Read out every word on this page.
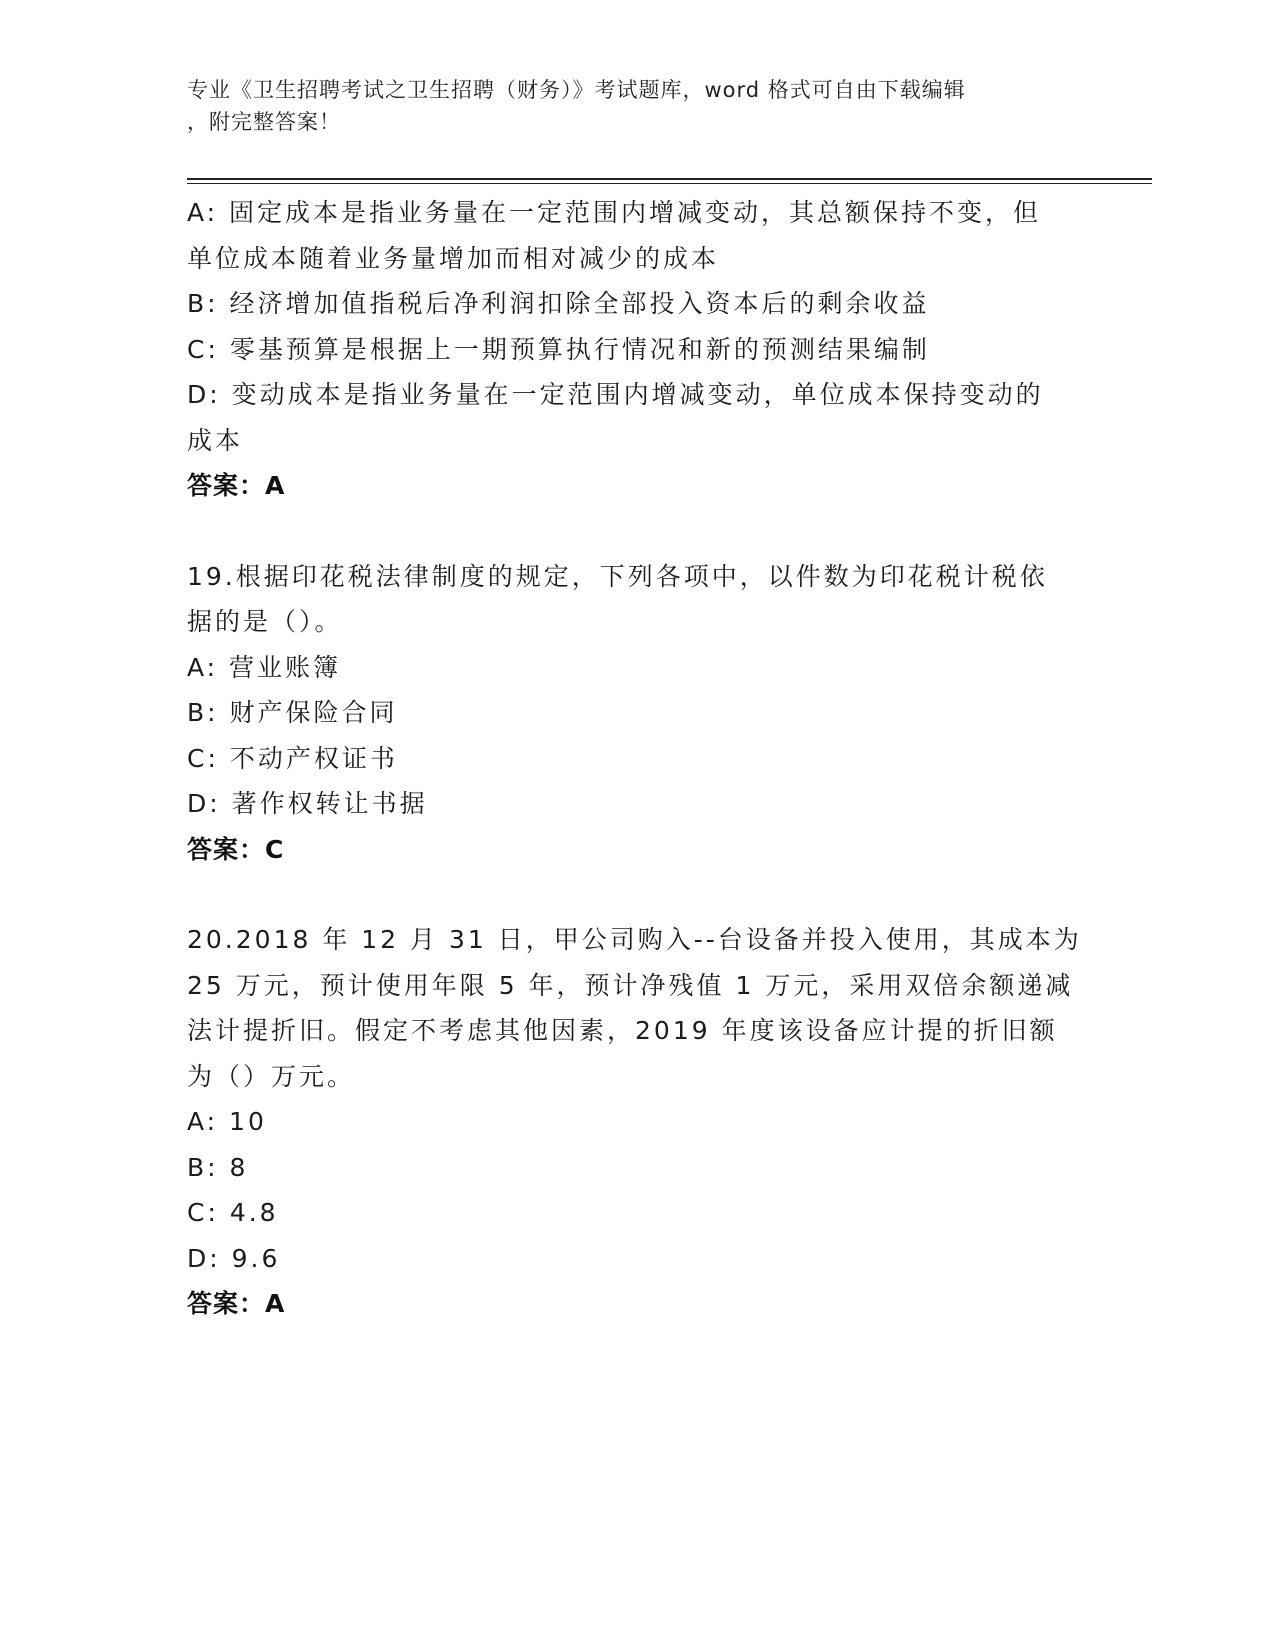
专业《卫生招聘考试之卫生招聘（财务）》考试题库，word 格式可自由下载编辑
，附完整答案！
A: 固定成本是指业务量在一定范围内增减变动，其总额保持不变，但
单位成本随着业务量增加而相对减少的成本
B: 经济增加值指税后净利润扣除全部投入资本后的剩余收益
C: 零基预算是根据上一期预算执行情况和新的预测结果编制
D: 变动成本是指业务量在一定范围内增减变动，单位成本保持变动的
成本
答案：A
19.根据印花税法律制度的规定，下列各项中，以件数为印花税计税依
据的是（）。
A: 营业账簿
B: 财产保险合同
C: 不动产权证书
D: 著作权转让书据
答案：C
20.2018 年 12 月 31 日，甲公司购入--台设备并投入使用，其成本为
25 万元，预计使用年限 5 年，预计净残值 1 万元，采用双倍余额递减
法计提折旧。假定不考虑其他因素，2019 年度该设备应计提的折旧额
为（）万元。
A: 10
B: 8
C: 4.8
D: 9.6
答案：A
